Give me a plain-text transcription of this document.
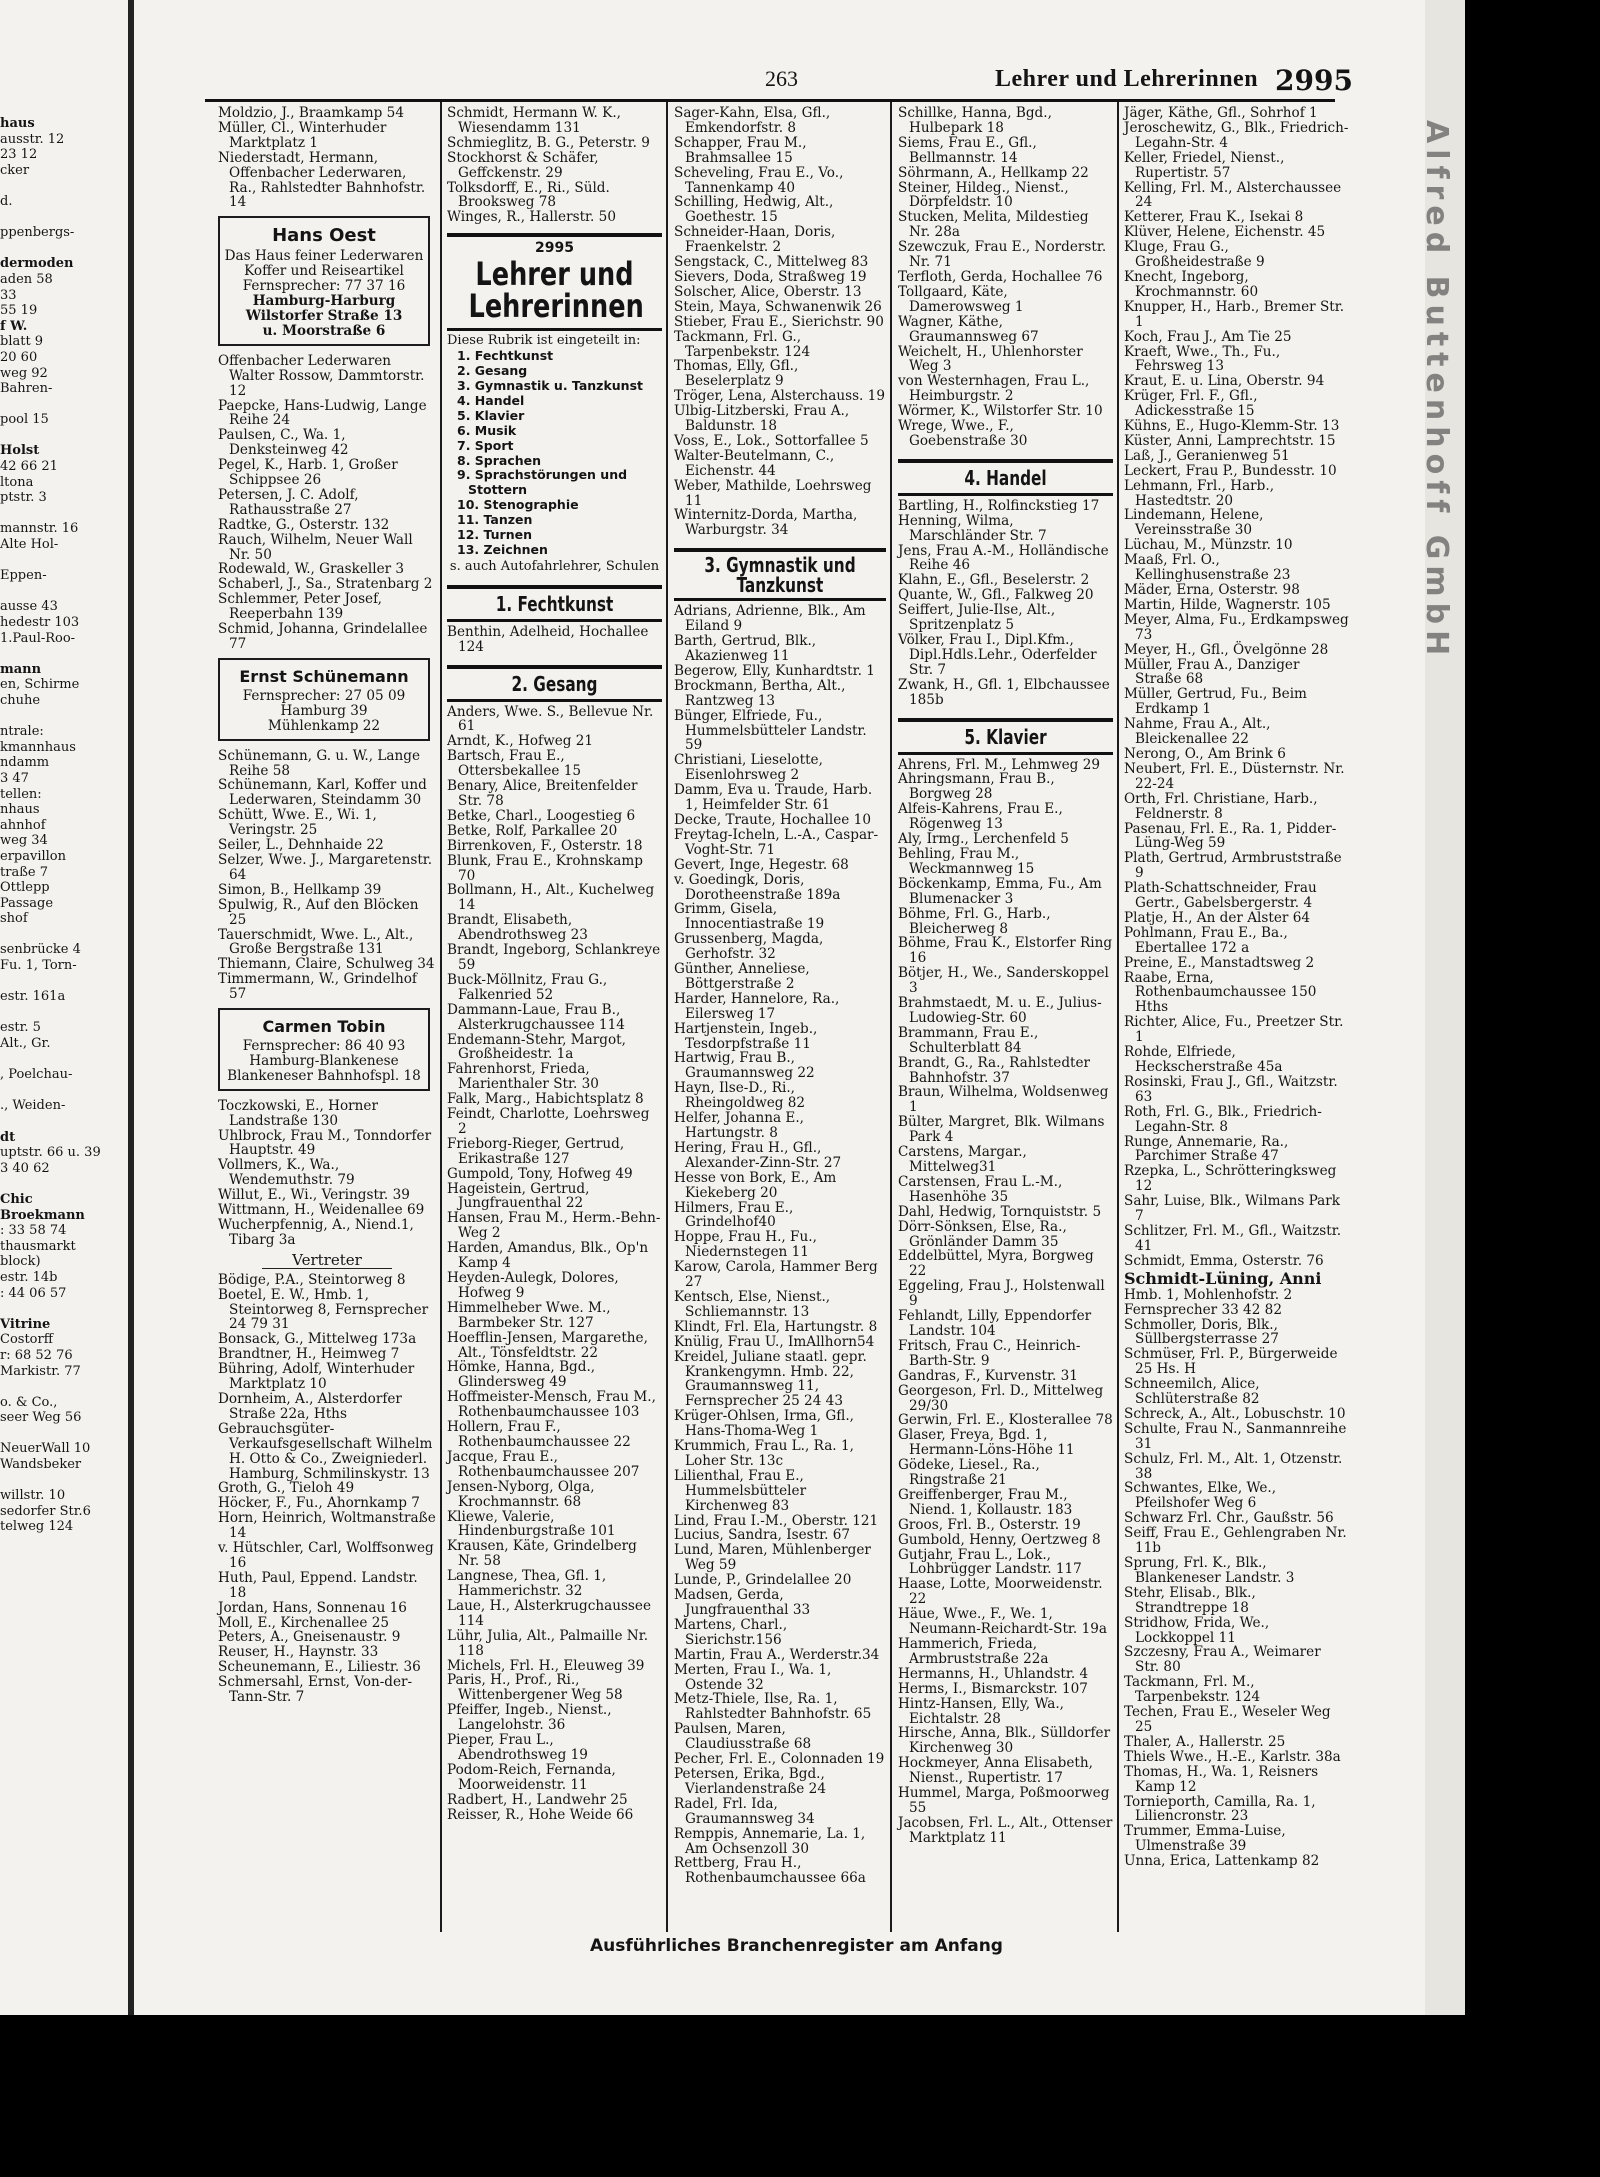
Alfred Buttenhoff GmbH
263	Lehrer und Lehrerinnen 2995
haus
ausstr. 12
23 12
cker

d.

ppenbergs-

dermoden
aden 58
33
55 19
f W.
blatt 9
20 60
weg 92
Bahren-

pool 15

Holst
42 66 21
ltona
ptstr. 3

mannstr. 16
Alte Hol-

Eppen-

ausse 43
hedestr 103
1.Paul-Roo-

mann
en, Schirme
chuhe

ntrale:
kmannhaus
ndamm
3 47
tellen:
nhaus
ahnhof
weg 34
erpavillon
traße 7
Ottlepp
Passage
shof

senbrücke 4
Fu. 1, Torn-

estr. 161a

estr. 5
Alt., Gr.

, Poelchau-

., Weiden-

dt
uptstr. 66 u. 39
3 40 62

Chic
Broekmann
: 33 58 74
thausmarkt
block)
estr. 14b
: 44 06 57

Vitrine
Costorff
r: 68 52 76
Markistr. 77

o. & Co.,
seer Weg 56

NeuerWall 10
Wandsbeker

willstr. 10
sedorfer Str.6
telweg 124
Moldzio, J., Braamkamp 54
Müller, Cl., Winterhuder Marktplatz 1
Niederstadt, Hermann, Offenbacher Lederwaren, Ra., Rahlstedter Bahnhofstr. 14
Hans Oest
Das Haus feiner Lederwaren
Koffer und Reiseartikel
Fernsprecher: 77 37 16
Hamburg-Harburg
Wilstorfer Straße 13
u. Moorstraße 6
Offenbacher Lederwaren Walter Rossow, Dammtorstr. 12
Paepcke, Hans-Ludwig, Lange Reihe 24
Paulsen, C., Wa. 1, Denksteinweg 42
Pegel, K., Harb. 1, Großer Schippsee 26
Petersen, J. C. Adolf, Rathausstraße 27
Radtke, G., Osterstr. 132
Rauch, Wilhelm, Neuer Wall Nr. 50
Rodewald, W., Graskeller 3
Schaberl, J., Sa., Stratenbarg 2
Schlemmer, Peter Josef, Reeperbahn 139
Schmid, Johanna, Grindelallee 77
Ernst Schünemann
Fernsprecher: 27 05 09
Hamburg 39
Mühlenkamp 22
Schünemann, G. u. W., Lange Reihe 58
Schünemann, Karl, Koffer und Lederwaren, Steindamm 30
Schütt, Wwe. E., Wi. 1, Veringstr. 25
Seiler, L., Dehnhaide 22
Selzer, Wwe. J., Margaretenstr. 64
Simon, B., Hellkamp 39
Spulwig, R., Auf den Blöcken 25
Tauerschmidt, Wwe. L., Alt., Große Bergstraße 131
Thiemann, Claire, Schulweg 34
Timmermann, W., Grindelhof 57
Carmen Tobin
Fernsprecher: 86 40 93
Hamburg-Blankenese
Blankeneser Bahnhofspl. 18
Toczkowski, E., Horner Landstraße 130
Uhlbrock, Frau M., Tonndorfer Hauptstr. 49
Vollmers, K., Wa., Wendemuthstr. 79
Willut, E., Wi., Veringstr. 39
Wittmann, H., Weidenallee 69
Wucherpfennig, A., Niend.1, Tibarg 3a
Vertreter
Bödige, P.A., Steintorweg 8
Boetel, E. W., Hmb. 1, Steintorweg 8, Fernsprecher 24 79 31
Bonsack, G., Mittelweg 173a
Brandtner, H., Heimweg 7
Bühring, Adolf, Winterhuder Marktplatz 10
Dornheim, A., Alsterdorfer Straße 22a, Hths
Gebrauchsgüter-Verkaufsgesellschaft Wilhelm H. Otto & Co., Zweigniederl. Hamburg, Schmilinskystr. 13
Groth, G., Tieloh 49
Höcker, F., Fu., Ahornkamp 7
Horn, Heinrich, Woltmanstraße 14
v. Hütschler, Carl, Wolffsonweg 16
Huth, Paul, Eppend. Landstr. 18
Jordan, Hans, Sonnenau 16
Moll, E., Kirchenallee 25
Peters, A., Gneisenaustr. 9
Reuser, H., Haynstr. 33
Scheunemann, E., Liliestr. 36
Schmersahl, Ernst, Von-der-Tann-Str. 7
Schmidt, Hermann W. K., Wiesendamm 131
Schmieglitz, B. G., Peterstr. 9
Stockhorst & Schäfer, Geffckenstr. 29
Tolksdorff, E., Ri., Süld. Brooksweg 78
Winges, R., Hallerstr. 50
2995
Lehrer und Lehrerinnen
Diese Rubrik ist eingeteilt in:
1. Fechtkunst
2. Gesang
3. Gymnastik u. Tanzkunst
4. Handel
5. Klavier
6. Musik
7. Sport
8. Sprachen
9. Sprachstörungen und Stottern
10. Stenographie
11. Tanzen
12. Turnen
13. Zeichnen
s. auch Autofahrlehrer, Schulen
1. Fechtkunst
Benthin, Adelheid, Hochallee 124
2. Gesang
Anders, Wwe. S., Bellevue Nr. 61
Arndt, K., Hofweg 21
Bartsch, Frau E., Ottersbekallee 15
Benary, Alice, Breitenfelder Str. 78
Betke, Charl., Loogestieg 6
Betke, Rolf, Parkallee 20
Birrenkoven, F., Osterstr. 18
Blunk, Frau E., Krohnskamp 70
Bollmann, H., Alt., Kuchelweg 14
Brandt, Elisabeth, Abendrothsweg 23
Brandt, Ingeborg, Schlankreye 59
Buck-Möllnitz, Frau G., Falkenried 52
Dammann-Laue, Frau B., Alsterkrugchaussee 114
Endemann-Stehr, Margot, Großheidestr. 1a
Fahrenhorst, Frieda, Marienthaler Str. 30
Falk, Marg., Habichtsplatz 8
Feindt, Charlotte, Loehrsweg 2
Frieborg-Rieger, Gertrud, Erikastraße 127
Gumpold, Tony, Hofweg 49
Hageistein, Gertrud, Jungfrauenthal 22
Hansen, Frau M., Herm.-Behn-Weg 2
Harden, Amandus, Blk., Op'n Kamp 4
Heyden-Aulegk, Dolores, Hofweg 9
Himmelheber Wwe. M., Barmbeker Str. 127
Hoefflin-Jensen, Margarethe, Alt., Tönsfeldtstr. 22
Hömke, Hanna, Bgd., Glindersweg 49
Hoffmeister-Mensch, Frau M., Rothenbaumchaussee 103
Hollern, Frau F., Rothenbaumchaussee 22
Jacque, Frau E., Rothenbaumchaussee 207
Jensen-Nyborg, Olga, Krochmannstr. 68
Kliewe, Valerie, Hindenburgstraße 101
Krausen, Käte, Grindelberg Nr. 58
Langnese, Thea, Gfl. 1, Hammerichstr. 32
Laue, H., Alsterkrugchaussee 114
Lühr, Julia, Alt., Palmaille Nr. 118
Michels, Frl. H., Eleuweg 39
Paris, H., Prof., Ri., Wittenbergener Weg 58
Pfeiffer, Ingeb., Nienst., Langelohstr. 36
Pieper, Frau L., Abendrothsweg 19
Podom-Reich, Fernanda, Moorweidenstr. 11
Radbert, H., Landwehr 25
Reisser, R., Hohe Weide 66
Sager-Kahn, Elsa, Gfl., Emkendorfstr. 8
Schapper, Frau M., Brahmsallee 15
Scheveling, Frau E., Vo., Tannenkamp 40
Schilling, Hedwig, Alt., Goethestr. 15
Schneider-Haan, Doris, Fraenkelstr. 2
Sengstack, C., Mittelweg 83
Sievers, Doda, Straßweg 19
Solscher, Alice, Oberstr. 13
Stein, Maya, Schwanenwik 26
Stieber, Frau E., Sierichstr. 90
Tackmann, Frl. G., Tarpenbekstr. 124
Thomas, Elly, Gfl., Beselerplatz 9
Tröger, Lena, Alsterchauss. 19
Ulbig-Litzberski, Frau A., Baldunstr. 18
Voss, E., Lok., Sottorfallee 5
Walter-Beutelmann, C., Eichenstr. 44
Weber, Mathilde, Loehrsweg 11
Winternitz-Dorda, Martha, Warburgstr. 34
3. Gymnastik und Tanzkunst
Adrians, Adrienne, Blk., Am Eiland 9
Barth, Gertrud, Blk., Akazienweg 11
Begerow, Elly, Kunhardtstr. 1
Brockmann, Bertha, Alt., Rantzweg 13
Bünger, Elfriede, Fu., Hummelsbütteler Landstr. 59
Christiani, Lieselotte, Eisenlohrsweg 2
Damm, Eva u. Traude, Harb. 1, Heimfelder Str. 61
Decke, Traute, Hochallee 10
Freytag-Icheln, L.-A., Caspar-Voght-Str. 71
Gevert, Inge, Hegestr. 68
v. Goedingk, Doris, Dorotheenstraße 189a
Grimm, Gisela, Innocentiastraße 19
Grussenberg, Magda, Gerhofstr. 32
Günther, Anneliese, Böttgerstraße 2
Harder, Hannelore, Ra., Eilersweg 17
Hartjenstein, Ingeb., Tesdorpfstraße 11
Hartwig, Frau B., Graumannsweg 22
Hayn, Ilse-D., Ri., Rheingoldweg 82
Helfer, Johanna E., Hartungstr. 8
Hering, Frau H., Gfl., Alexander-Zinn-Str. 27
Hesse von Bork, E., Am Kiekeberg 20
Hilmers, Frau E., Grindelhof40
Hoppe, Frau H., Fu., Niedernstegen 11
Karow, Carola, Hammer Berg 27
Kentsch, Else, Nienst., Schliemannstr. 13
Klindt, Frl. Ela, Hartungstr. 8
Knülig, Frau U., ImAllhorn54
Kreidel, Juliane staatl. gepr. Krankengymn. Hmb. 22, Graumannsweg 11, Fernsprecher 25 24 43
Krüger-Ohlsen, Irma, Gfl., Hans-Thoma-Weg 1
Krummich, Frau L., Ra. 1, Loher Str. 13c
Lilienthal, Frau E., Hummelsbütteler Kirchenweg 83
Lind, Frau I.-M., Oberstr. 121
Lucius, Sandra, Isestr. 67
Lund, Maren, Mühlenberger Weg 59
Lunde, P., Grindelallee 20
Madsen, Gerda, Jungfrauenthal 33
Martens, Charl., Sierichstr.156
Martin, Frau A., Werderstr.34
Merten, Frau I., Wa. 1, Ostende 32
Metz-Thiele, Ilse, Ra. 1, Rahlstedter Bahnhofstr. 65
Paulsen, Maren, Claudiusstraße 68
Pecher, Frl. E., Colonnaden 19
Petersen, Erika, Bgd., Vierlandenstraße 24
Radel, Frl. Ida, Graumannsweg 34
Remppis, Annemarie, La. 1, Am Ochsenzoll 30
Rettberg, Frau H., Rothenbaumchaussee 66a
Schillke, Hanna, Bgd., Hulbepark 18
Siems, Frau E., Gfl., Bellmannstr. 14
Söhrmann, A., Hellkamp 22
Steiner, Hildeg., Nienst., Dörpfeldstr. 10
Stucken, Melita, Mildestieg Nr. 28a
Szewczuk, Frau E., Norderstr. Nr. 71
Terfloth, Gerda, Hochallee 76
Tollgaard, Käte, Damerowsweg 1
Wagner, Käthe, Graumannsweg 67
Weichelt, H., Uhlenhorster Weg 3
von Westernhagen, Frau L., Heimburgstr. 2
Wörmer, K., Wilstorfer Str. 10
Wrege, Wwe., F., Goebenstraße 30
4. Handel
Bartling, H., Rolfinckstieg 17
Henning, Wilma, Marschländer Str. 7
Jens, Frau A.-M., Holländische Reihe 46
Klahn, E., Gfl., Beselerstr. 2
Quante, W., Gfl., Falkweg 20
Seiffert, Julie-Ilse, Alt., Spritzenplatz 5
Völker, Frau I., Dipl.Kfm., Dipl.Hdls.Lehr., Oderfelder Str. 7
Zwank, H., Gfl. 1, Elbchaussee 185b
5. Klavier
Ahrens, Frl. M., Lehmweg 29
Ahringsmann, Frau B., Borgweg 28
Alfeis-Kahrens, Frau E., Rögenweg 13
Aly, Irmg., Lerchenfeld 5
Behling, Frau M., Weckmannweg 15
Böckenkamp, Emma, Fu., Am Blumenacker 3
Böhme, Frl. G., Harb., Bleicherweg 8
Böhme, Frau K., Elstorfer Ring 16
Bötjer, H., We., Sanderskoppel 3
Brahmstaedt, M. u. E., Julius-Ludowieg-Str. 60
Brammann, Frau E., Schulterblatt 84
Brandt, G., Ra., Rahlstedter Bahnhofstr. 37
Braun, Wilhelma, Woldsenweg 1
Bülter, Margret, Blk. Wilmans Park 4
Carstens, Margar., Mittelweg31
Carstensen, Frau L.-M., Hasenhöhe 35
Dahl, Hedwig, Tornquiststr. 5
Dörr-Sönksen, Else, Ra., Grönländer Damm 35
Eddelbüttel, Myra, Borgweg 22
Eggeling, Frau J., Holstenwall 9
Fehlandt, Lilly, Eppendorfer Landstr. 104
Fritsch, Frau C., Heinrich-Barth-Str. 9
Gandras, F., Kurvenstr. 31
Georgeson, Frl. D., Mittelweg 29/30
Gerwin, Frl. E., Klosterallee 78
Glaser, Freya, Bgd. 1, Hermann-Löns-Höhe 11
Gödeke, Liesel., Ra., Ringstraße 21
Greiffenberger, Frau M., Niend. 1, Kollaustr. 183
Groos, Frl. B., Osterstr. 19
Gumbold, Henny, Oertzweg 8
Gutjahr, Frau L., Lok., Lohbrügger Landstr. 117
Haase, Lotte, Moorweidenstr. 22
Häue, Wwe., F., We. 1, Neumann-Reichardt-Str. 19a
Hammerich, Frieda, Armbruststraße 22a
Hermanns, H., Uhlandstr. 4
Herms, I., Bismarckstr. 107
Hintz-Hansen, Elly, Wa., Eichtalstr. 28
Hirsche, Anna, Blk., Sülldorfer Kirchenweg 30
Hockmeyer, Anna Elisabeth, Nienst., Rupertistr. 17
Hummel, Marga, Poßmoorweg 55
Jacobsen, Frl. L., Alt., Ottenser Marktplatz 11
Jäger, Käthe, Gfl., Sohrhof 1
Jeroschewitz, G., Blk., Friedrich-Legahn-Str. 4
Keller, Friedel, Nienst., Rupertistr. 57
Kelling, Frl. M., Alsterchaussee 24
Ketterer, Frau K., Isekai 8
Klüver, Helene, Eichenstr. 45
Kluge, Frau G., Großheidestraße 9
Knecht, Ingeborg, Krochmannstr. 60
Knupper, H., Harb., Bremer Str. 1
Koch, Frau J., Am Tie 25
Kraeft, Wwe., Th., Fu., Fehrsweg 13
Kraut, E. u. Lina, Oberstr. 94
Krüger, Frl. F., Gfl., Adickesstraße 15
Kühns, E., Hugo-Klemm-Str. 13
Küster, Anni, Lamprechtstr. 15
Laß, J., Geranienweg 51
Leckert, Frau P., Bundesstr. 10
Lehmann, Frl., Harb., Hastedtstr. 20
Lindemann, Helene, Vereinsstraße 30
Lüchau, M., Münzstr. 10
Maaß, Frl. O., Kellinghusenstraße 23
Mäder, Erna, Osterstr. 98
Martin, Hilde, Wagnerstr. 105
Meyer, Alma, Fu., Erdkampsweg 73
Meyer, H., Gfl., Övelgönne 28
Müller, Frau A., Danziger Straße 68
Müller, Gertrud, Fu., Beim Erdkamp 1
Nahme, Frau A., Alt., Bleickenallee 22
Nerong, O., Am Brink 6
Neubert, Frl. E., Düsternstr. Nr. 22-24
Orth, Frl. Christiane, Harb., Feldnerstr. 8
Pasenau, Frl. E., Ra. 1, Pidder-Lüng-Weg 59
Plath, Gertrud, Armbruststraße 9
Plath-Schattschneider, Frau Gertr., Gabelsbergerstr. 4
Platje, H., An der Alster 64
Pohlmann, Frau E., Ba., Ebertallee 172 a
Preine, E., Manstadtsweg 2
Raabe, Erna, Rothenbaumchaussee 150 Hths
Richter, Alice, Fu., Preetzer Str. 1
Rohde, Elfriede, Heckscherstraße 45a
Rosinski, Frau J., Gfl., Waitzstr. 63
Roth, Frl. G., Blk., Friedrich-Legahn-Str. 8
Runge, Annemarie, Ra., Parchimer Straße 47
Rzepka, L., Schrötteringksweg 12
Sahr, Luise, Blk., Wilmans Park 7
Schlitzer, Frl. M., Gfl., Waitzstr. 41
Schmidt, Emma, Osterstr. 76
Schmidt-Lüning, Anni
Hmb. 1, Mohlenhofstr. 2
Fernsprecher 33 42 82
Schmoller, Doris, Blk., Süllbergsterrasse 27
Schmüser, Frl. P., Bürgerweide 25 Hs. H
Schneemilch, Alice, Schlüterstraße 82
Schreck, A., Alt., Lobuschstr. 10
Schulte, Frau N., Sanmannreihe 31
Schulz, Frl. M., Alt. 1, Otzenstr. 38
Schwantes, Elke, We., Pfeilshofer Weg 6
Schwarz Frl. Chr., Gaußstr. 56
Seiff, Frau E., Gehlengraben Nr. 11b
Sprung, Frl. K., Blk., Blankeneser Landstr. 3
Stehr, Elisab., Blk., Strandtreppe 18
Stridhow, Frida, We., Lockkoppel 11
Szczesny, Frau A., Weimarer Str. 80
Tackmann, Frl. M., Tarpenbekstr. 124
Techen, Frau E., Weseler Weg 25
Thaler, A., Hallerstr. 25
Thiels Wwe., H.-E., Karlstr. 38a
Thomas, H., Wa. 1, Reisners Kamp 12
Tornieporth, Camilla, Ra. 1, Liliencronstr. 23
Trummer, Emma-Luise, Ulmenstraße 39
Unna, Erica, Lattenkamp 82
Ausführliches Branchenregister am Anfang
